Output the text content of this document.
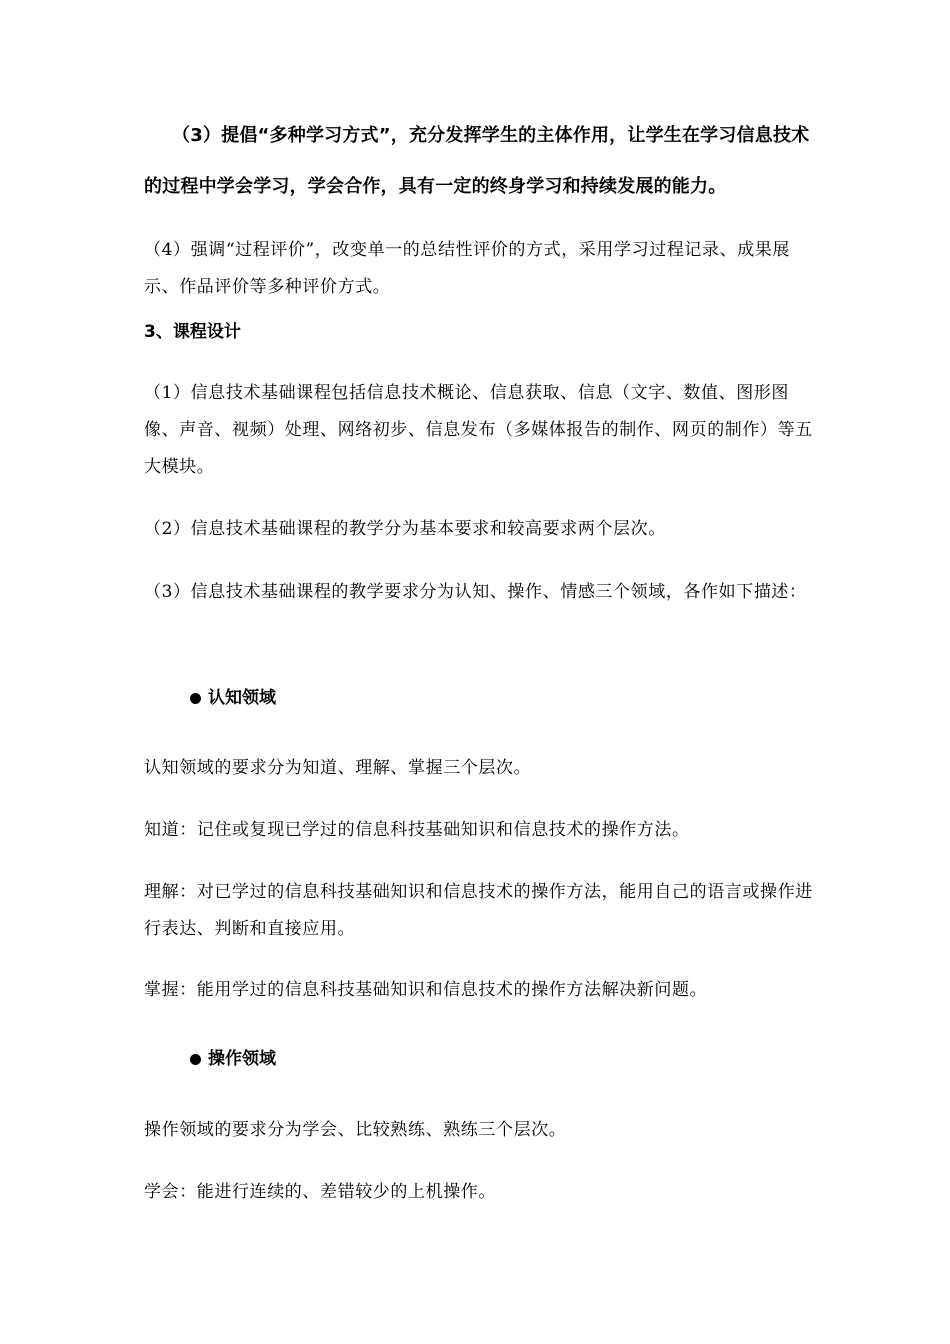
（3）提倡“多种学习方式”，充分发挥学生的主体作用，让学生在学习信息技术的过程中学会学习，学会合作，具有一定的终身学习和持续发展的能力。

（4）强调“过程评价”，改变单一的总结性评价的方式，采用学习过程记录、成果展示、作品评价等多种评价方式。

3、课程设计

（1）信息技术基础课程包括信息技术概论、信息获取、信息（文字、数值、图形图像、声音、视频）处理、网络初步、信息发布（多媒体报告的制作、网页的制作）等五大模块。

（2）信息技术基础课程的教学分为基本要求和较高要求两个层次。

（3）信息技术基础课程的教学要求分为认知、操作、情感三个领域，各作如下描述：

认知领域

认知领域的要求分为知道、理解、掌握三个层次。

知道：记住或复现已学过的信息科技基础知识和信息技术的操作方法。

理解：对已学过的信息科技基础知识和信息技术的操作方法，能用自己的语言或操作进行表达、判断和直接应用。

掌握：能用学过的信息科技基础知识和信息技术的操作方法解决新问题。

操作领域

操作领域的要求分为学会、比较熟练、熟练三个层次。

学会：能进行连续的、差错较少的上机操作。
